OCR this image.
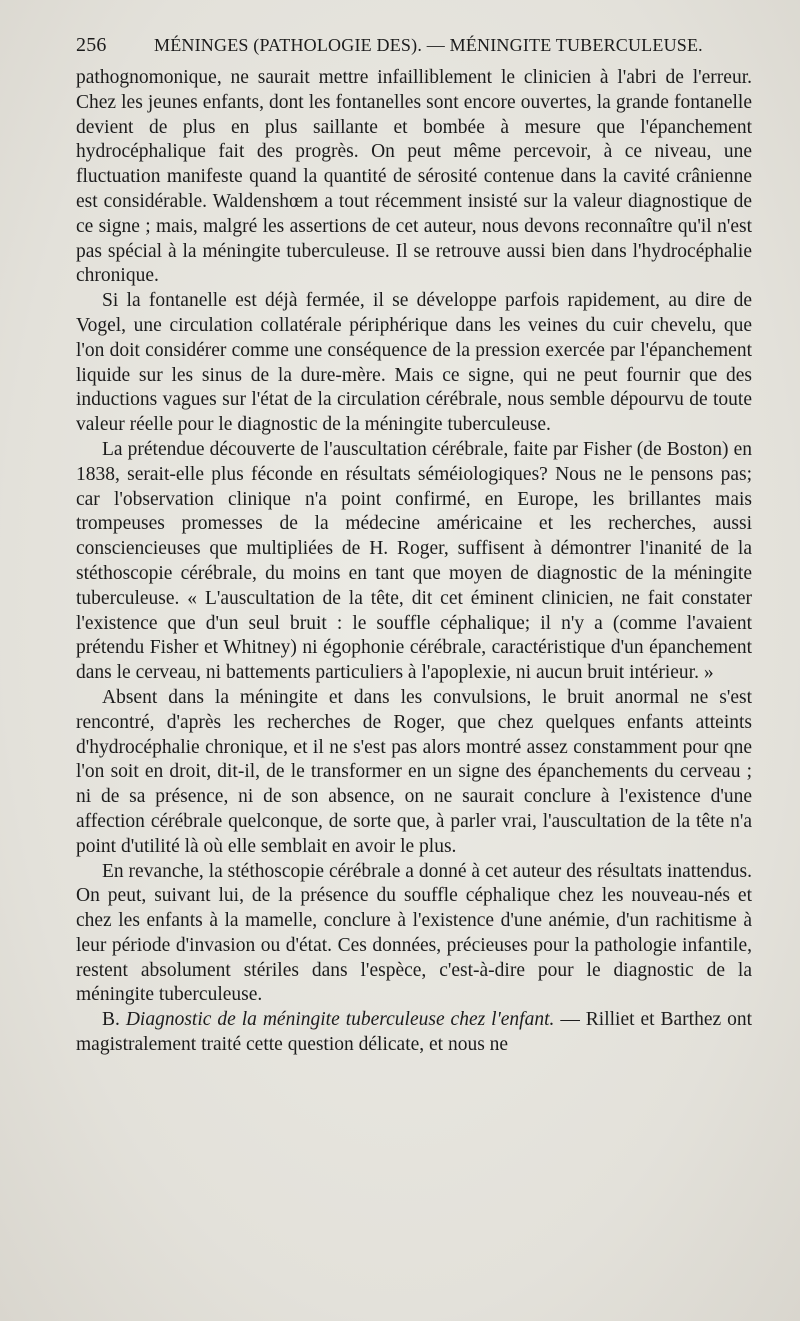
256	MÉNINGES (PATHOLOGIE DES). — MÉNINGITE TUBERCULEUSE.

pathognomonique, ne saurait mettre infailliblement le clinicien à l'abri de l'erreur. Chez les jeunes enfants, dont les fontanelles sont encore ouvertes, la grande fontanelle devient de plus en plus saillante et bombée à mesure que l'épanchement hydrocéphalique fait des progrès. On peut même percevoir, à ce niveau, une fluctuation manifeste quand la quantité de sérosité contenue dans la cavité crânienne est considérable. Waldenshœm a tout récemment insisté sur la valeur diagnostique de ce signe ; mais, malgré les assertions de cet auteur, nous devons reconnaître qu'il n'est pas spécial à la méningite tuberculeuse. Il se retrouve aussi bien dans l'hydrocéphalie chronique.

Si la fontanelle est déjà fermée, il se développe parfois rapidement, au dire de Vogel, une circulation collatérale périphérique dans les veines du cuir chevelu, que l'on doit considérer comme une conséquence de la pression exercée par l'épanchement liquide sur les sinus de la dure-mère. Mais ce signe, qui ne peut fournir que des inductions vagues sur l'état de la circulation cérébrale, nous semble dépourvu de toute valeur réelle pour le diagnostic de la méningite tuberculeuse.

La prétendue découverte de l'auscultation cérébrale, faite par Fisher (de Boston) en 1838, serait-elle plus féconde en résultats séméiologiques? Nous ne le pensons pas; car l'observation clinique n'a point confirmé, en Europe, les brillantes mais trompeuses promesses de la médecine américaine et les recherches, aussi consciencieuses que multipliées de H. Roger, suffisent à démontrer l'inanité de la stéthoscopie cérébrale, du moins en tant que moyen de diagnostic de la méningite tuberculeuse. « L'auscultation de la tête, dit cet éminent clinicien, ne fait constater l'existence que d'un seul bruit : le souffle céphalique; il n'y a (comme l'avaient prétendu Fisher et Whitney) ni égophonie cérébrale, caractéristique d'un épanchement dans le cerveau, ni battements particuliers à l'apoplexie, ni aucun bruit intérieur. »

Absent dans la méningite et dans les convulsions, le bruit anormal ne s'est rencontré, d'après les recherches de Roger, que chez quelques enfants atteints d'hydrocéphalie chronique, et il ne s'est pas alors montré assez constamment pour qne l'on soit en droit, dit-il, de le transformer en un signe des épanchements du cerveau ; ni de sa présence, ni de son absence, on ne saurait conclure à l'existence d'une affection cérébrale quelconque, de sorte que, à parler vrai, l'auscultation de la tête n'a point d'utilité là où elle semblait en avoir le plus.

En revanche, la stéthoscopie cérébrale a donné à cet auteur des résultats inattendus. On peut, suivant lui, de la présence du souffle céphalique chez les nouveau-nés et chez les enfants à la mamelle, conclure à l'existence d'une anémie, d'un rachitisme à leur période d'invasion ou d'état. Ces données, précieuses pour la pathologie infantile, restent absolument stériles dans l'espèce, c'est-à-dire pour le diagnostic de la méningite tuberculeuse.

B. Diagnostic de la méningite tuberculeuse chez l'enfant. — Rilliet et Barthez ont magistralement traité cette question délicate, et nous ne
